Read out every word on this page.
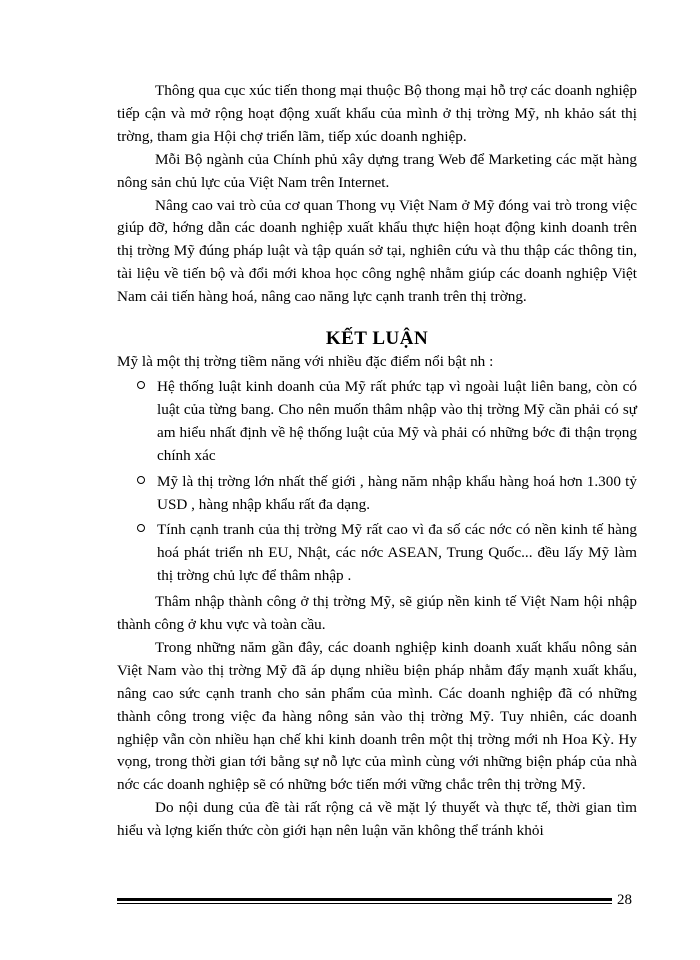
Thông qua cục xúc tiến thong mại thuộc Bộ thong mại hỗ trợ các doanh nghiệp tiếp cận và mở rộng hoạt động xuất khẩu của mình ở thị trờng Mỹ, nh khảo sát thị trờng, tham gia Hội chợ triển lãm, tiếp xúc doanh nghiệp.

Mỗi Bộ ngành của Chính phủ xây dựng trang Web để Marketing các mặt hàng nông sản chủ lực của Việt Nam trên Internet.

Nâng cao vai trò của cơ quan Thong vụ Việt Nam ở Mỹ đóng vai trò trong việc giúp đỡ, hớng dẫn các doanh nghiệp xuất khẩu thực hiện hoạt động kinh doanh trên thị trờng Mỹ đúng pháp luật và tập quán sở tại, nghiên cứu và thu thập các thông tin, tài liệu về tiến bộ và đổi mới khoa học công nghệ nhằm giúp các doanh nghiệp Việt Nam cải tiến hàng hoá, nâng cao năng lực cạnh tranh trên thị trờng.

KẾT LUẬN

Mỹ là một thị trờng tiềm năng với nhiều đặc điểm nổi bật nh :

Hệ thống luật kinh doanh của Mỹ rất phức tạp vì ngoài luật liên bang, còn có luật của từng bang. Cho nên muốn thâm nhập vào thị trờng Mỹ cần phải có sự am hiểu nhất định về hệ thống luật của Mỹ và phải có những bớc đi thận trọng chính xác
Mỹ là thị trờng lớn nhất thế giới , hàng năm nhập khẩu hàng hoá hơn 1.300 tỷ USD , hàng nhập khẩu rất đa dạng.
Tính cạnh tranh của thị trờng Mỹ rất cao vì đa số các nớc có nền kinh tế hàng hoá phát triển nh EU, Nhật, các nớc ASEAN, Trung Quốc... đều lấy Mỹ làm thị trờng chủ lực để thâm nhập .

Thâm nhập thành công ở thị trờng Mỹ, sẽ giúp nền kinh tế Việt Nam hội nhập thành công ở khu vực và toàn cầu.

Trong những năm gần đây, các doanh nghiệp kinh doanh xuất khẩu nông sản Việt Nam vào thị trờng Mỹ đã áp dụng nhiều biện pháp nhằm đẩy mạnh xuất khẩu, nâng cao sức cạnh tranh cho sản phẩm của mình. Các doanh nghiệp đã có những thành công trong việc đa hàng nông sản vào thị trờng Mỹ. Tuy nhiên, các doanh nghiệp vẫn còn nhiều hạn chế khi kinh doanh trên một thị trờng mới nh Hoa Kỳ. Hy vọng, trong thời gian tới bằng sự nỗ lực của mình cùng với những biện pháp của nhà nớc các doanh nghiệp sẽ có những bớc tiến mới vững chắc trên thị trờng Mỹ.

Do nội dung của đề tài rất rộng cả về mặt lý thuyết và thực tế, thời gian tìm hiểu và lợng kiến thức còn giới hạn nên luận văn không thể tránh khỏi

28
